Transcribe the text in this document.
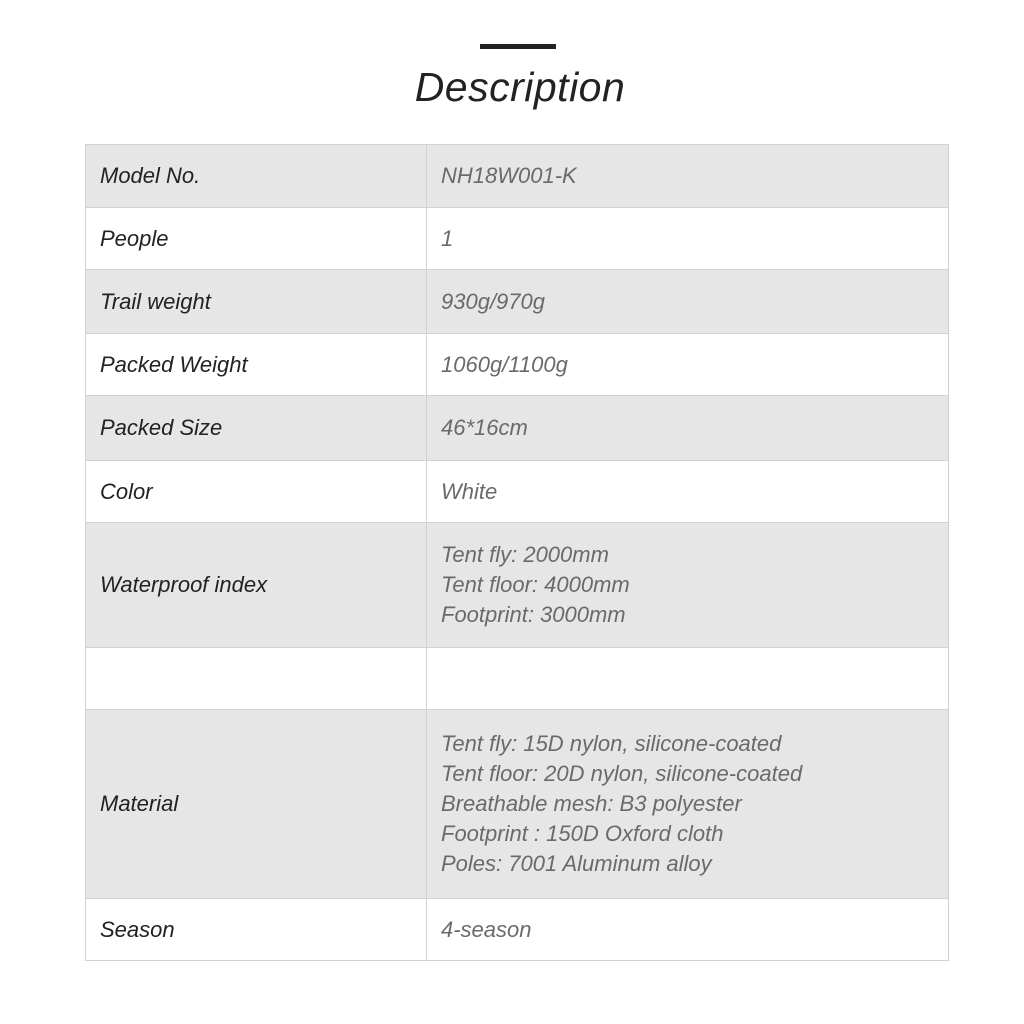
Description
Model No.	NH18W001-K

People	1

Trail weight	930g/970g

Packed Weight	1060g/1100g

Packed Size	46*16cm

Color	White

Waterproof index	Tent fly: 2000mm
Tent floor: 4000mm
Footprint: 3000mm

Material	Tent fly: 15D nylon, silicone-coated
Tent floor: 20D nylon, silicone-coated
Breathable mesh: B3 polyester
Footprint : 150D Oxford cloth
Poles: 7001 Aluminum alloy

Season	4-season
